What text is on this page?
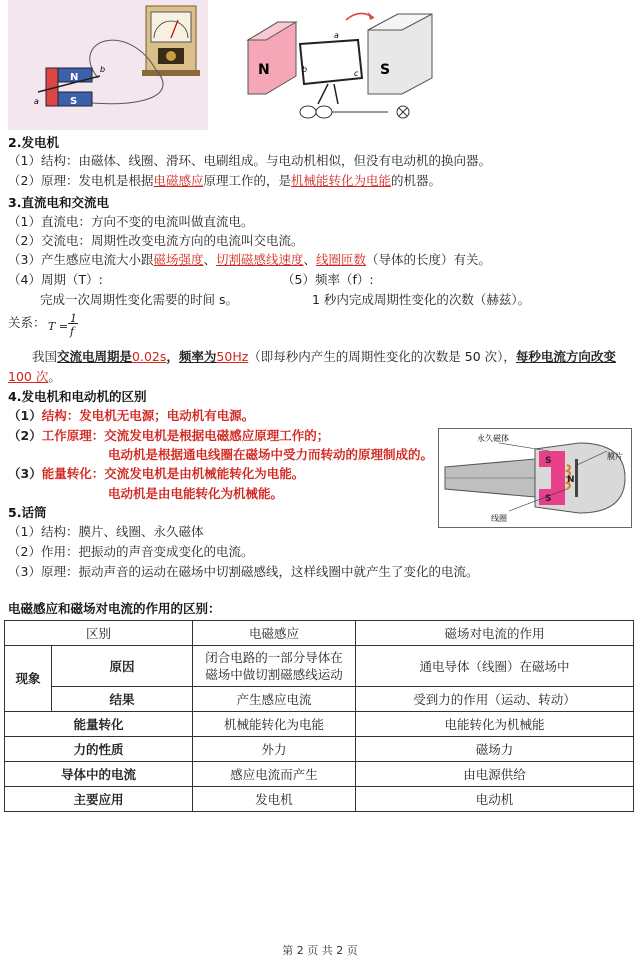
N
S
a
b	N	S
a
b	c
2.发电机
（1）结构：由磁体、线圈、滑环、电刷组成。与电动机相似，但没有电动机的换向器。
（2）原理：发电机是根据电磁感应原理工作的，是机械能转化为电能的机器。
3.直流电和交流电
（1）直流电：方向不变的电流叫做直流电。
（2）交流电：周期性改变电流方向的电流叫交电流。
（3）产生感应电流大小跟磁场强度、切割磁感线速度、线圈匝数（导体的长度）有关。
（4）周期（T）:	（5）频率（f）:
完成一次周期性变化需要的时间 s。	1 秒内完成周期性变化的次数（赫兹）。
关系： T =
1
f
我国交流电周期是0.02s，频率为50Hz（即每秒内产生的周期性变化的次数是 50 次），每秒电流方向改变
100 次。
4.发电机和电动机的区别
（1）结构：发电机无电源；电动机有电源。
（2）工作原理：交流发电机是根据电磁感应原理工作的；
电动机是根据通电线圈在磁场中受力而转动的原理制成的。
（3）能量转化：交流发电机是由机械能转化为电能。
电动机是由电能转化为机械能。
永久磁体
膜片
线圈
S
N
S
5.话筒
（1）结构：膜片、线圈、永久磁体
（2）作用：把振动的声音变成变化的电流。
（3）原理：振动声音的运动在磁场中切割磁感线，这样线圈中就产生了变化的电流。
电磁感应和磁场对电流的作用的区别：
区别		电磁感应	磁场对电流的作用
现象	原因	闭合电路的一部分导体在
磁场中做切割磁感线运动	通电导体（线圈）在磁场中
	结果	产生感应电流	受到力的作用（运动、转动）
能量转化		机械能转化为电能	电能转化为机械能
力的性质		外力	磁场力
导体中的电流		感应电流而产生	由电源供给
主要应用		发电机	电动机
第 2 页 共 2 页
